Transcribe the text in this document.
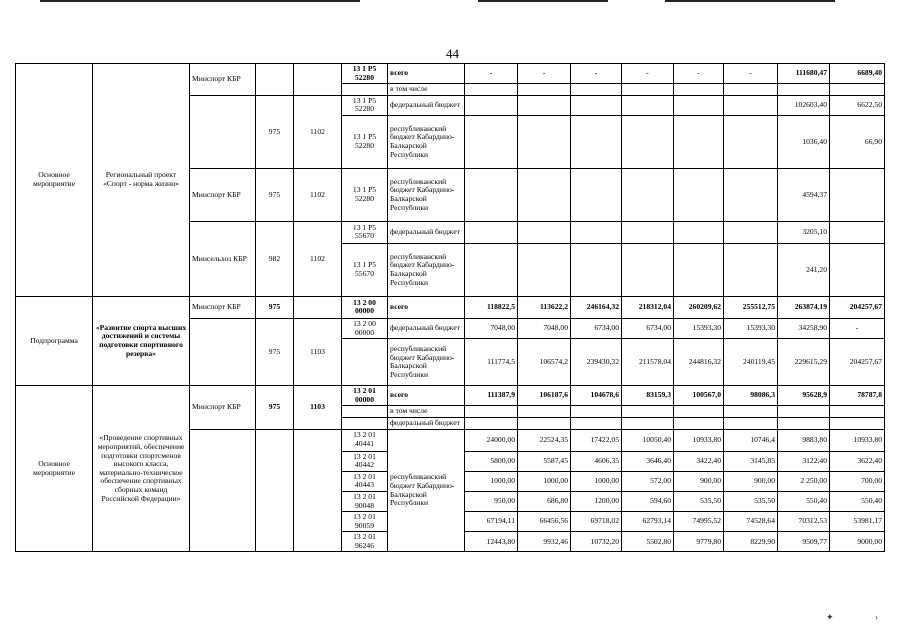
44
Основное мероприятие	Региональный проект «Спорт - норма жизни»	Минспорт КБР			13 1 P5 52280	всего	-	-	-	-	-	-	111680,47	6689,40
						в том числе								
			975	1102	13 1 P5 52280	федеральный бюджет							102603,40	6622,50
					13 1 P5 52280	республиканский бюджет Кабардино-Балкарской Республики							1036,40	66,90
		Минспорт КБР	975	1102	13 1 P5 52280	республиканский бюджет Кабардино-Балкарской Республики							4594,37	
		Минсельхоз КБР	982	1102	13 1 P5 55670	федеральный бюджет							3205,10	
					13 1 P5 55670	республиканский бюджет Кабардино-Балкарской Республики							241,20	
Подпрограмма	«Развитие спорта высших достижений и системы подготовки спортивного резерва»	Минспорт КБР	975		13 2 00 00000	всего	118822,5	113622,2	246164,32	218312,04	260209,62	255512,75	263874,19	204257,67
			975	1103	13 2 00 00000	федеральный бюджет	7048,00	7048,00	6734,00	6734,00	15393,30	15393,30	34258,90	-
						республиканский бюджет Кабардино-Балкарской Республики	111774,5	106574,2	239430,32	211578,04	244816,32	240119,45	229615,29	204257,67
Основное мероприятие	«Проведение спортивных мероприятий, обеспечение подготовки спортсменов высокого класса, материально-техническое обеспечение спортивных сборных команд Российской Федерации»	Минспорт КБР	975	1103	13 2 01 00000	всего	111387,9	106187,6	104678,6	83159,3	100567,0	98086,3	95628,9	78787,8
						в том числе								
						федеральный бюджет								
					13 2 01 40441	республиканский бюджет Кабардино-Балкарской Республики	24000,00	22524,35	17422,05	10050,40	10933,80	10746,4	9883,80	10933,80
					13 2 01 40442		5800,00	5587,45	4606,35	3646,40	3422,40	3145,85	3122,40	3622,40
					13 2 01 40443		1000,00	1000,00	1000,00	572,00	900,00	900,00	2 250,00	700,00
					13 2 01 90048		950,00	686,80	1200,00	594,60	535,50	535,50	550,40	550,40
					13 2 01 90059		67194,11	66456,56	69718,02	62793,14	74995,52	74528,64	70312,53	53981,17
					13 2 01 96246		12443,80	9932,46	10732,20	5502,80	9779,80	8229,90	9509,77	9000,00
✦	›
